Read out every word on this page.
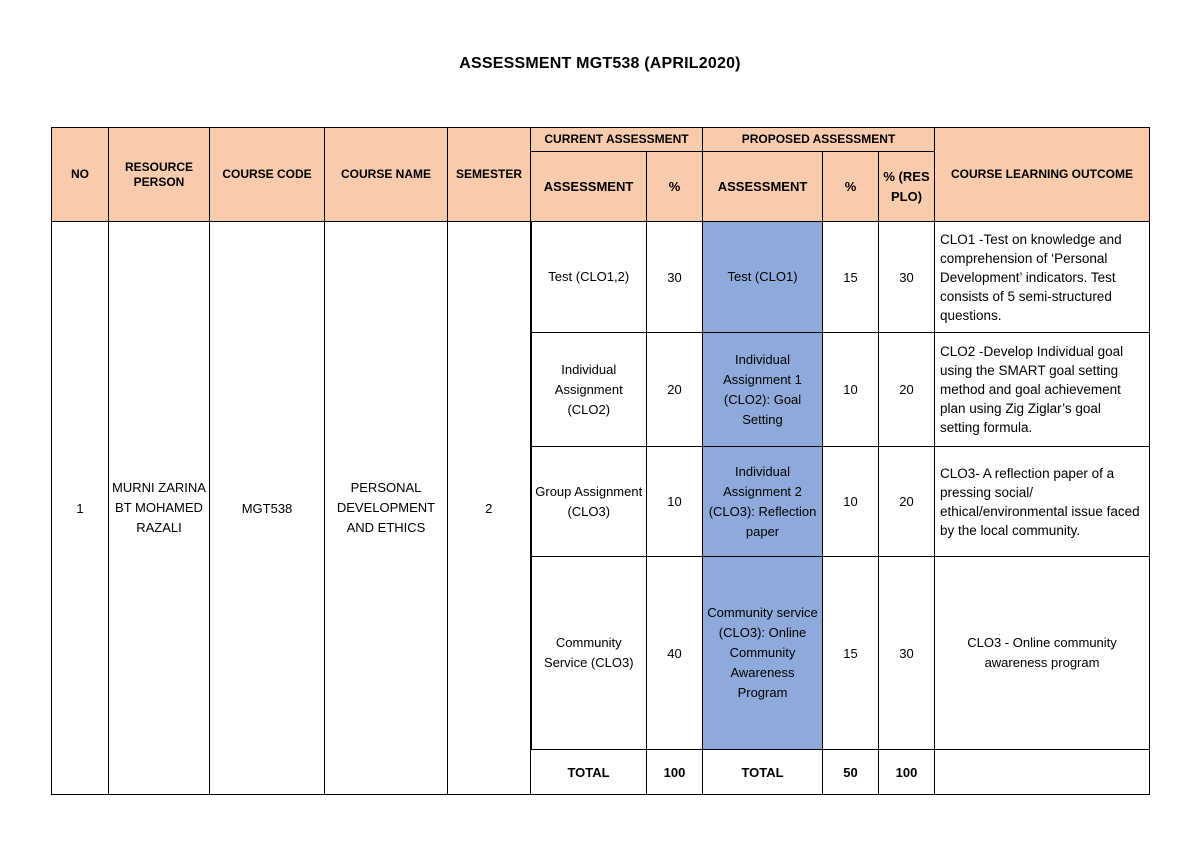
ASSESSMENT MGT538 (APRIL2020)
NO	RESOURCE PERSON	COURSE CODE	COURSE NAME	SEMESTER	CURRENT ASSESSMENT		PROPOSED ASSESSMENT			COURSE LEARNING OUTCOME
					ASSESSMENT	%	ASSESSMENT	%	% (RES PLO)	
1	MURNI ZARINA BT MOHAMED RAZALI	MGT538	PERSONAL DEVELOPMENT AND ETHICS	2	Test (CLO1,2)	30	Test (CLO1)	15	30	CLO1 -Test on knowledge and comprehension of ‘Personal Development’ indicators. Test consists of 5 semi-structured questions.
					Individual Assignment (CLO2)	20	Individual Assignment 1 (CLO2): Goal Setting	10	20	CLO2 -Develop Individual goal using the SMART goal setting method and goal achievement plan using Zig Ziglar’s goal setting formula.
					Group Assignment (CLO3)	10	Individual Assignment 2 (CLO3): Reflection paper	10	20	CLO3- A reflection paper of a pressing social/ ethical/environmental issue faced by the local community.
					Community Service (CLO3)	40	Community service (CLO3): Online Community Awareness Program	15	30	CLO3 - Online community awareness program
					TOTAL	100	TOTAL	50	100	
